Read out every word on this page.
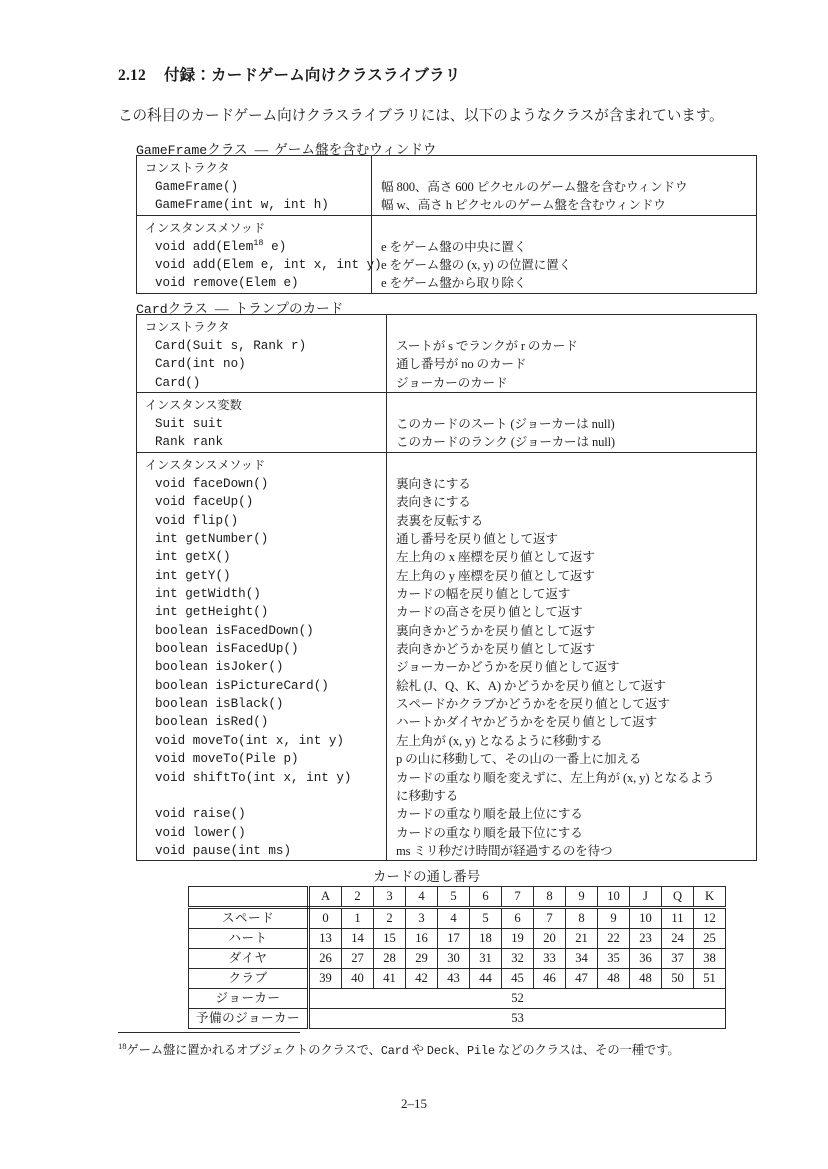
2.12 付録：カードゲーム向けクラスライブラリ
この科目のカードゲーム向けクラスライブラリには、以下のようなクラスが含まれています。
GameFrameクラス — ゲーム盤を含むウィンドウ
コンストラクタ

GameFrame()	幅 800、高さ 600 ピクセルのゲーム盤を含むウィンドウ
GameFrame(int w, int h)	幅 w、高さ h ピクセルのゲーム盤を含むウィンドウ
インスタンスメソッド

void add(Elem$^{18}$ e)	e をゲーム盤の中央に置く
void add(Elem e, int x, int y) e をゲーム盤の (x, y) の位置に置く
void remove(Elem e)	e をゲーム盤から取り除く
Cardクラス — トランプのカード
コンストラクタ

Card(Suit s, Rank r)	スートが s でランクが r のカード
Card(int no)	通し番号が no のカード
Card()	ジョーカーのカード
インスタンス変数

Suit suit	このカードのスート (ジョーカーは null)
Rank rank	このカードのランク (ジョーカーは null)
インスタンスメソッド

void faceDown()	裏向きにする
void faceUp()	表向きにする
void flip()	表裏を反転する
int getNumber()	通し番号を戻り値として返す
int getX()	左上角の x 座標を戻り値として返す
int getY()	左上角の y 座標を戻り値として返す
int getWidth()	カードの幅を戻り値として返す
int getHeight()	カードの高さを戻り値として返す
boolean isFacedDown()	裏向きかどうかを戻り値として返す
boolean isFacedUp()	表向きかどうかを戻り値として返す
boolean isJoker()	ジョーカーかどうかを戻り値として返す
boolean isPictureCard()	絵札 (J、Q、K、A) かどうかを戻り値として返す
boolean isBlack()	スペードかクラブかどうかをを戻り値として返す
boolean isRed()	ハートかダイヤかどうかをを戻り値として返す
void moveTo(int x, int y)	左上角が (x, y) となるように移動する
void moveTo(Pile p)	p の山に移動して、その山の一番上に加える
void shiftTo(int x, int y)	カードの重なり順を変えずに、左上角が (x, y) となるよう
に移動する
void raise()	カードの重なり順を最上位にする
void lower()	カードの重なり順を最下位にする
void pause(int ms)	ms ミリ秒だけ時間が経過するのを待つ
カードの通し番号
	A	2	3	4	5	6	7	8	9	10	J	Q	K
スペード	0	1	2	3	4	5	6	7	8	9	10	11	12
ハート	13	14	15	16	17	18	19	20	21	22	23	24	25
ダイヤ	26	27	28	29	30	31	32	33	34	35	36	37	38
クラブ	39	40	41	42	43	44	45	46	47	48	48	50	51
ジョーカー	52												
予備のジョーカー	53												
$^{18}$ゲーム盤に置かれるオブジェクトのクラスで、Card や Deck、Pile などのクラスは、その一種です。
2–15
